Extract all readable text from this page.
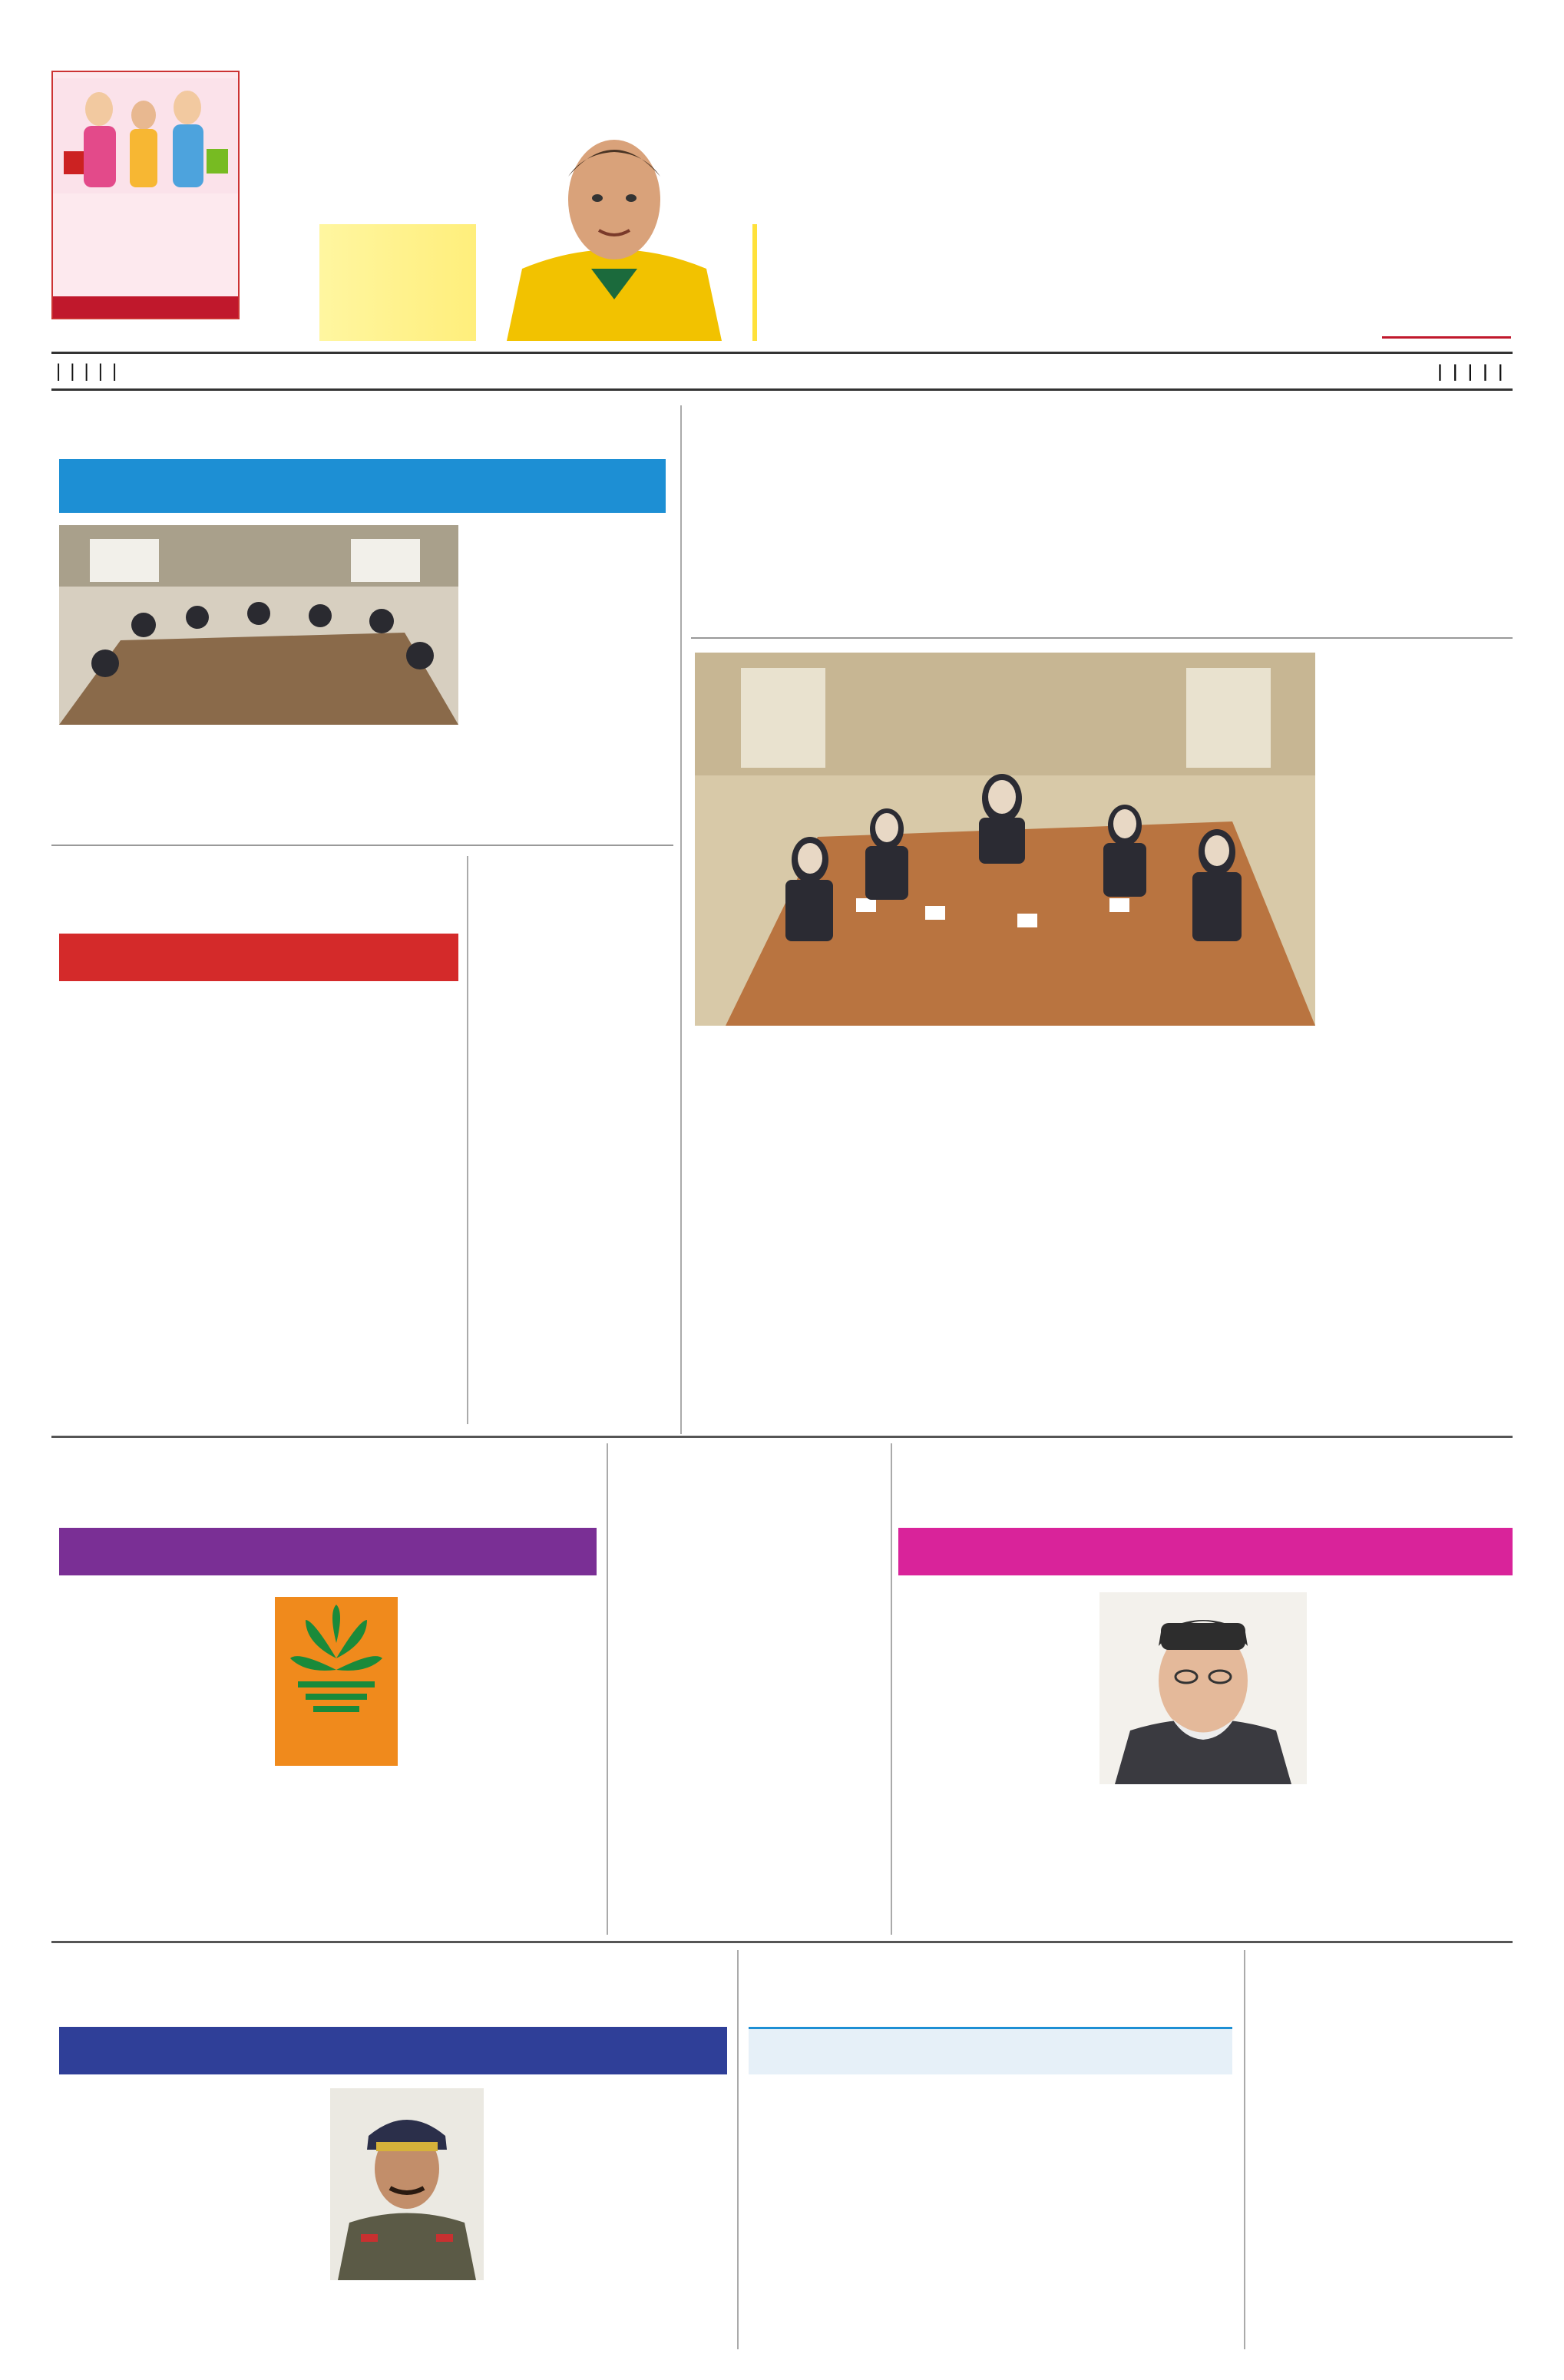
|
|
|
|
|	|
|
|
|
|
